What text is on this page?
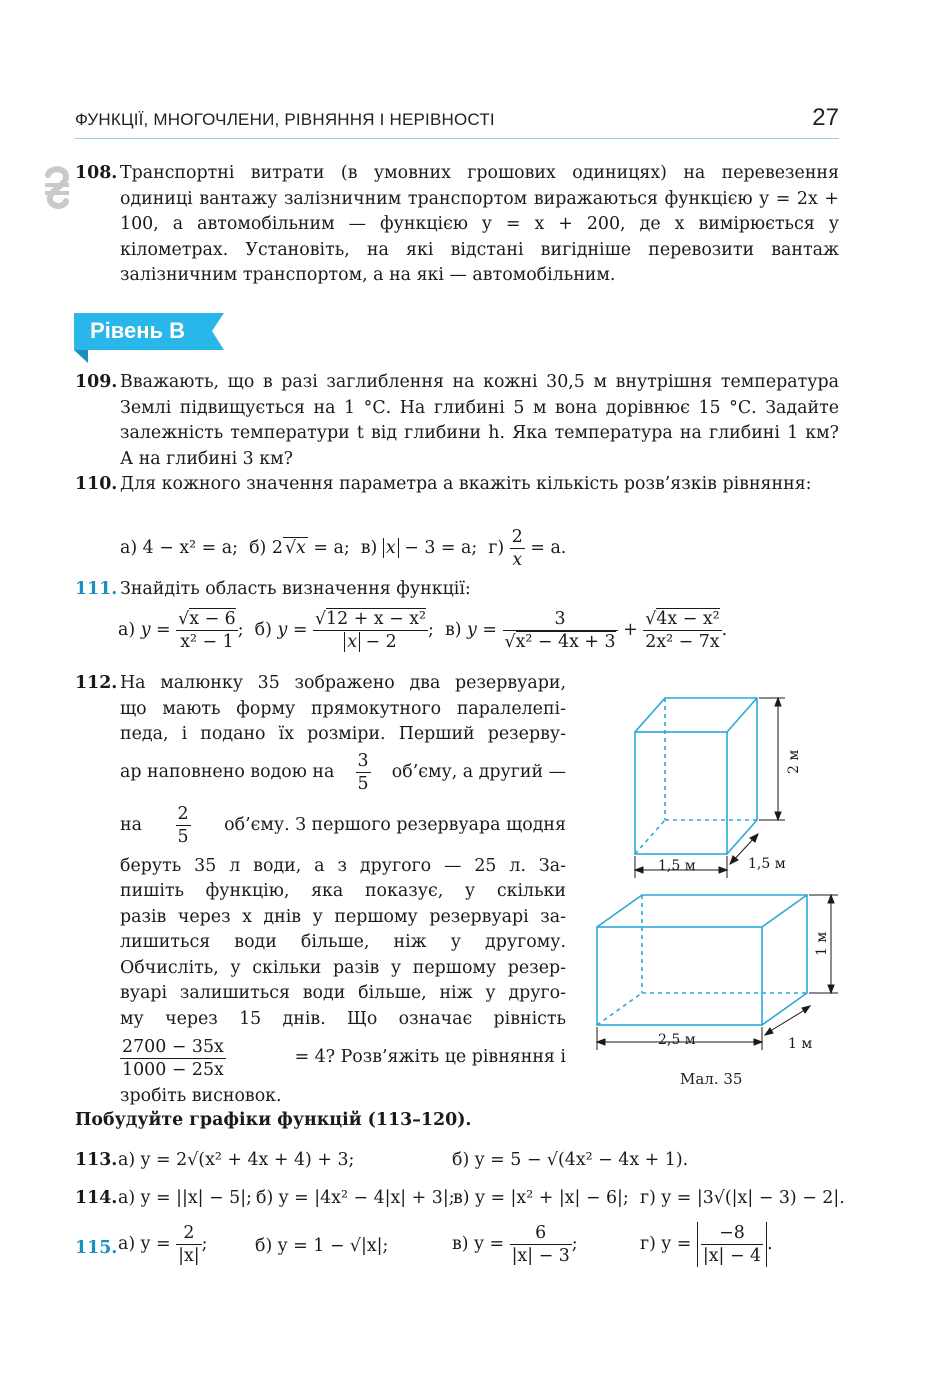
ФУНКЦІЇ, МНОГОЧЛЕНИ, РІВНЯННЯ І НЕРІВНОСТІ	27
108. Транспортні витрати (в умовних грошових одиницях) на перевезення одиниці вантажу залізничним транспортом виражаються функцією y = 2x + 100, а автомобільним — функцією y = x + 200, де x вимірюється у кілометрах. Установіть, на які відстані вигідніше перевозити вантаж залізничним транспортом, а на які — автомобільним.
Рівень В
109. Вважають, що в разі заглиблення на кожні 30,5 м внутрішня температура Землі підвищується на 1 °С. На глибині 5 м вона дорівнює 15 °С. Задайте залежність температури t від глибини h. Яка температура на глибині 1 км? А на глибині 3 км?
110. Для кожного значення параметра a вкажіть кількість розв’язків рівняння:
а) 4 − x² = a; б) 2 √x = a; в) x − 3 = a; $г) \frac{2}{x} = a$.
111. Знайдіть область визначення функції:
а) $y = \frac{√x - 6}{\text{x² − 1}}$ ; б) $y = \frac{\text{√12 + x − x²}}{x - 2}$ ; в) $y = \frac{3}{\text{√x² − 4x + 3}} + \frac{\text{√4x − x²}}{\text{2x² − 7x}}$ .
112. На малюнку 35 зображено два резервуари,
що мають форму прямокутного паралелепі-
педа, і подано їх розміри. Перший резерву-
ар наповнено водою на $\frac{3}{5}$ об’єму, а другий —
на $\frac{2}{5}$ об’єму. З першого резервуара щодня
беруть 35 л води, а з другого — 25 л. За-
пишіть функцію, яка показує, у скільки
разів через x днів у першому резервуарі за-
лишиться води більше, ніж у другому.
Обчисліть, у скільки разів у першому резер-
вуарі залишиться води більше, ніж у друго-
му через 15 днів. Що означає рівність
$\frac{2700 - 35x}{1000 - 25x}$	= 4? Розв’яжіть це рівняння і
зробіть висновок.
1,5 м	1,5 м
2 м
2,5 м	1 м
1 м
Мал. 35
Побудуйте графіки функцій (113–120).
113. а) y = 2√(x² + 4x + 4) + 3;	б) y = 5 − √(4x² − 4x + 1).
114. а) y = ||x| − 5|; б) y = |4x² − 4|x| + 3|;
в) y = |x² + |x| − 6|; г) y = |3√(|x| − 3) − 2|.
115. а) $y = \frac{2}{|x|}$ ;	б) y = 1 − √|x|;	в) $y = \frac{6}{|x| - 3}$ ;	г) $y = \frac{-8}{|x| - 4}$ .
